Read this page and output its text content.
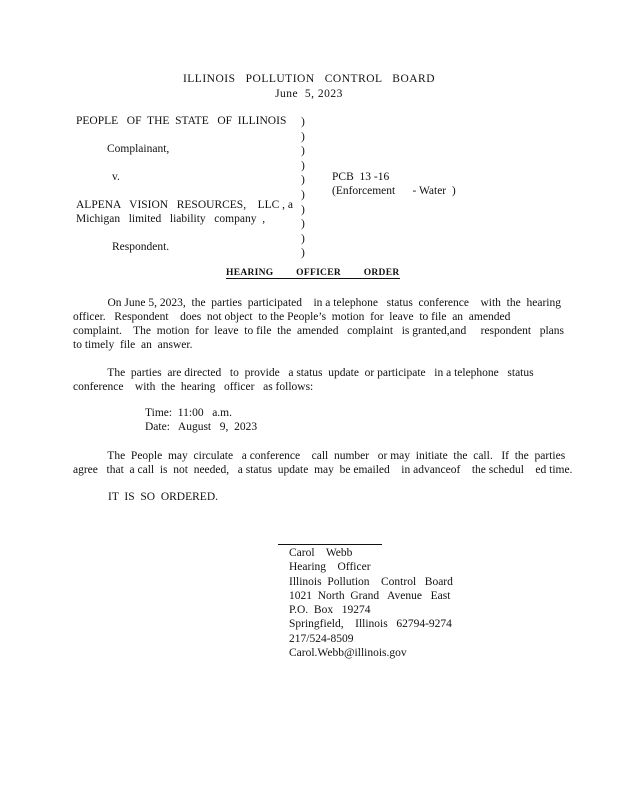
ILLINOIS   POLLUTION   CONTROL   BOARD
June  5, 2023
PEOPLE   OF  THE  STATE   OF  ILLINOIS
Complainant,
v.
ALPENA   VISION   RESOURCES,    LLC , a
Michigan   limited   liability   company  ,
Respondent.
)
)
)
)
)
)
)
)
)
)
PCB  13 -16
(Enforcement      - Water  )
HEARING OFFICER ORDER
On June 5, 2023,  the  parties  participated    in a telephone   status  conference    with  the  hearing
officer.   Respondent    does  not object  to the People’s  motion  for  leave  to file  an  amended
complaint.    The  motion  for  leave  to file  the  amended   complaint   is granted,and     respondent   plans
to timely  file  an  answer.
The  parties  are directed   to  provide   a status  update  or participate   in a telephone   status
conference    with  the  hearing   officer   as follows:
Time:  11:00   a.m.
Date:   August   9,  2023
The  People  may  circulate   a conference    call  number   or may  initiate  the  call.   If  the  parties
agree   that  a call  is  not  needed,   a status  update  may  be emailed    in advanceof    the schedul    ed time.
IT  IS  SO  ORDERED.
Carol    Webb
Hearing    Officer
Illinois  Pollution    Control   Board
1021  North  Grand   Avenue   East
P.O.  Box   19274
Springfield,    Illinois   62794-9274
217/524-8509
Carol.Webb@illinois.gov
